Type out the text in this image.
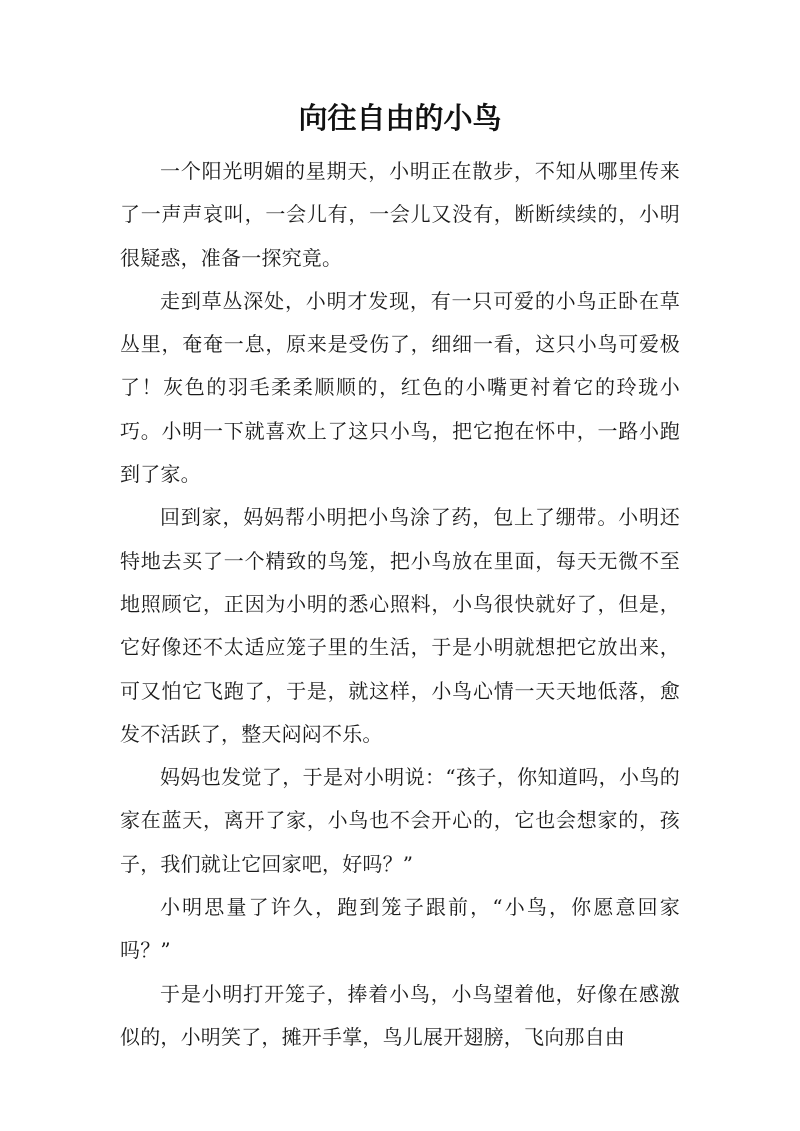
向往自由的小鸟

一个阳光明媚的星期天，小明正在散步，不知从哪里传来了一声声哀叫，一会儿有，一会儿又没有，断断续续的，小明很疑惑，准备一探究竟。

走到草丛深处，小明才发现，有一只可爱的小鸟正卧在草丛里，奄奄一息，原来是受伤了，细细一看，这只小鸟可爱极了！灰色的羽毛柔柔顺顺的，红色的小嘴更衬着它的玲珑小巧。小明一下就喜欢上了这只小鸟，把它抱在怀中，一路小跑到了家。

回到家，妈妈帮小明把小鸟涂了药，包上了绷带。小明还特地去买了一个精致的鸟笼，把小鸟放在里面，每天无微不至地照顾它，正因为小明的悉心照料，小鸟很快就好了，但是，它好像还不太适应笼子里的生活，于是小明就想把它放出来，可又怕它飞跑了，于是，就这样，小鸟心情一天天地低落，愈发不活跃了，整天闷闷不乐。

妈妈也发觉了，于是对小明说：“孩子，你知道吗，小鸟的家在蓝天，离开了家，小鸟也不会开心的，它也会想家的，孩子，我们就让它回家吧，好吗？”

小明思量了许久，跑到笼子跟前，“小鸟，你愿意回家吗？”

于是小明打开笼子，捧着小鸟，小鸟望着他，好像在感激似的，小明笑了，摊开手掌，鸟儿展开翅膀，飞向那自由
